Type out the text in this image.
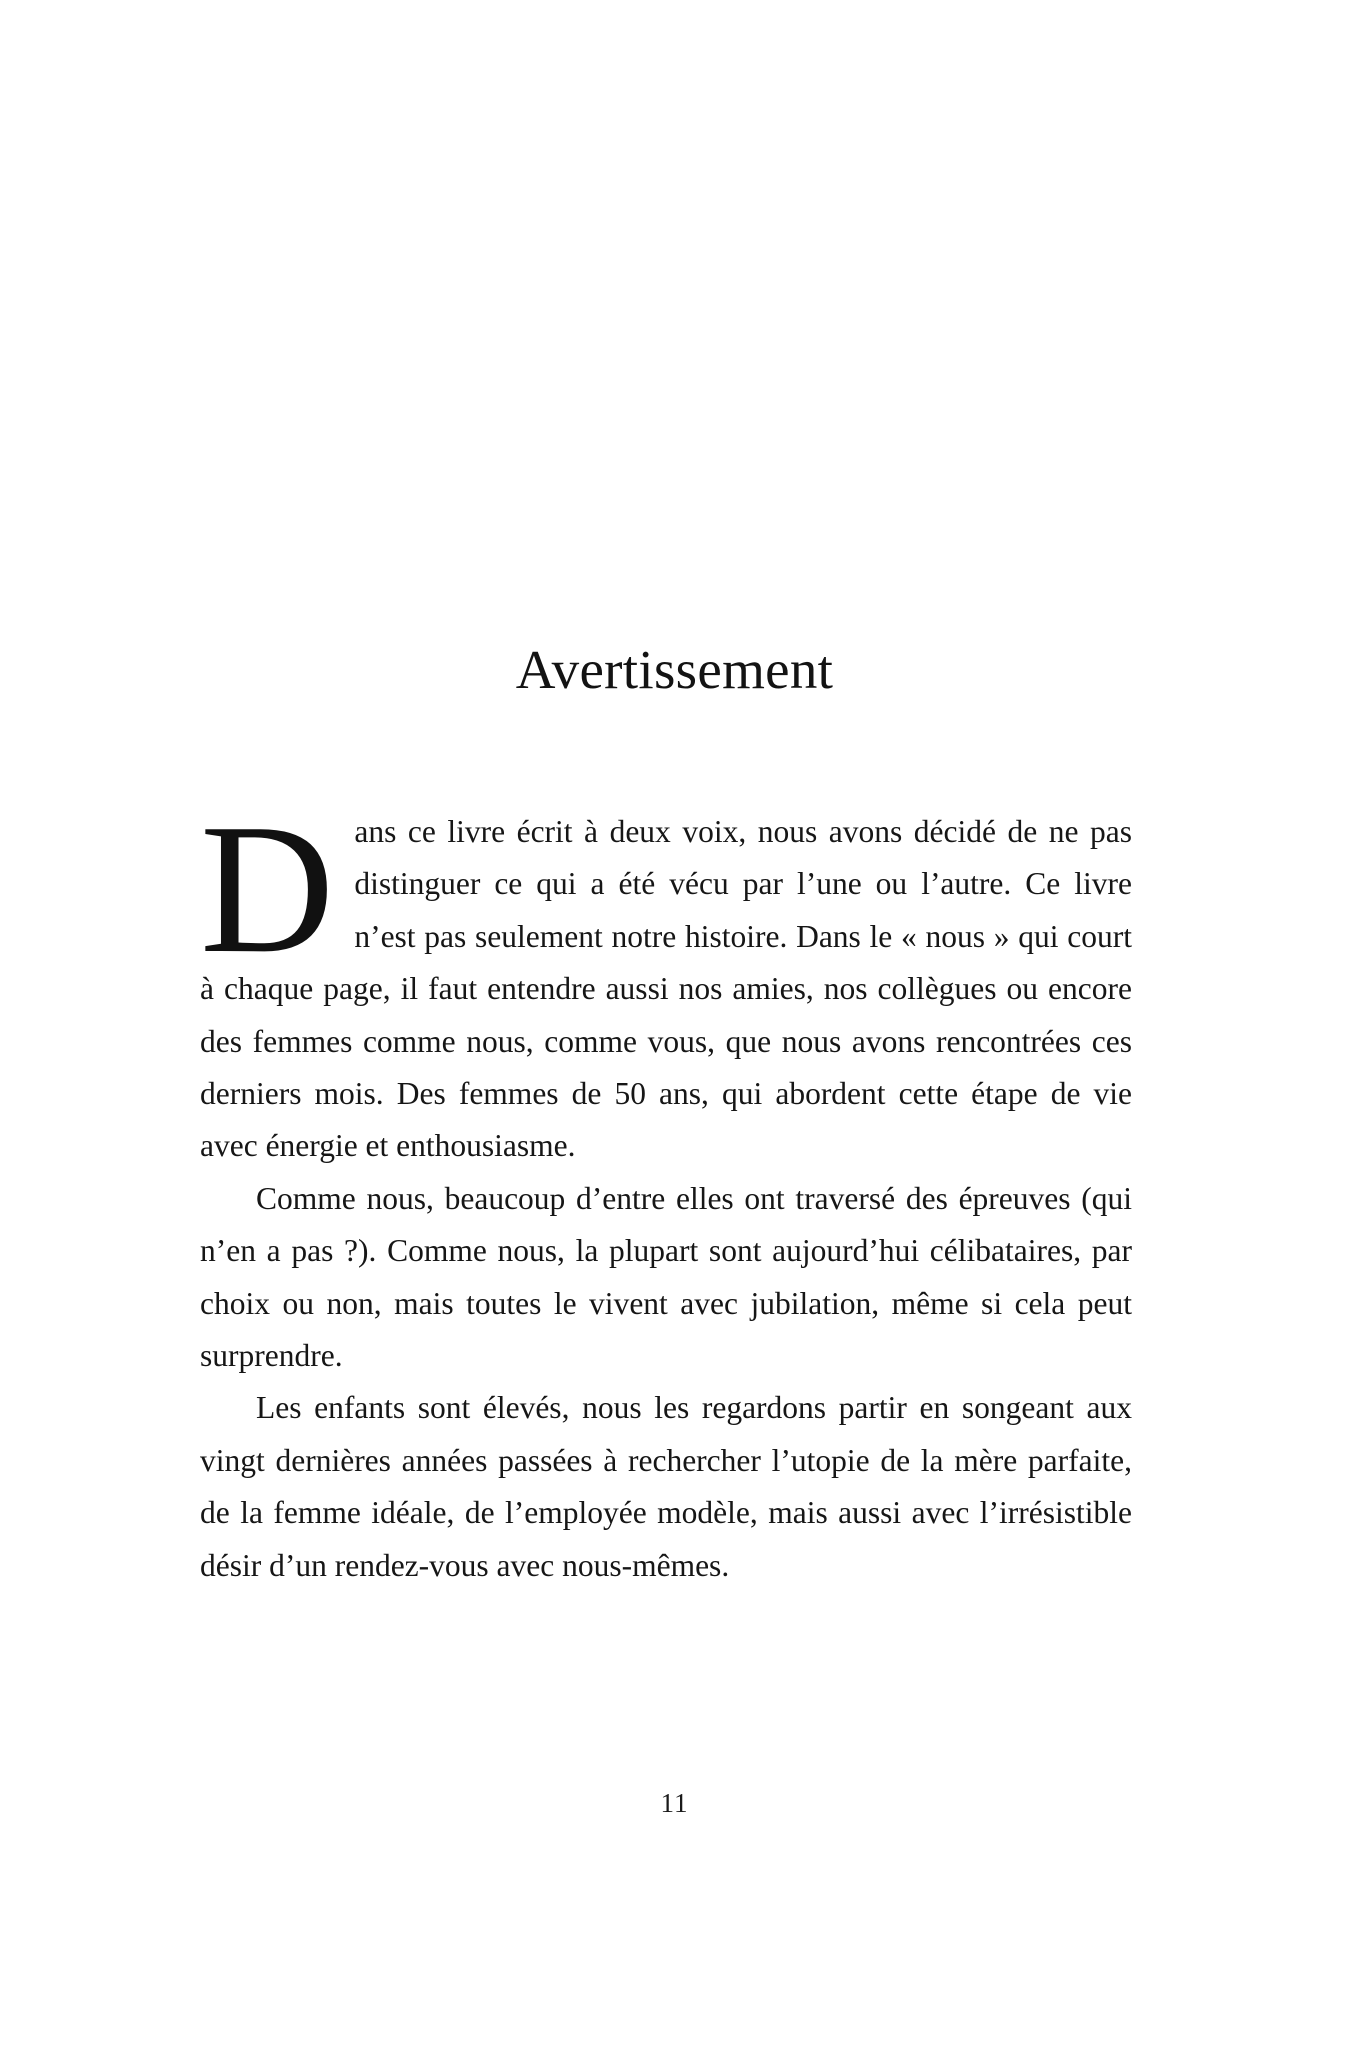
Avertissement

Dans ce livre écrit à deux voix, nous avons décidé de ne pas distinguer ce qui a été vécu par l’une ou l’autre. Ce livre n’est pas seulement notre histoire. Dans le « nous » qui court à chaque page, il faut entendre aussi nos amies, nos collègues ou encore des femmes comme nous, comme vous, que nous avons rencontrées ces derniers mois. Des femmes de 50 ans, qui abordent cette étape de vie avec énergie et enthousiasme.

Comme nous, beaucoup d’entre elles ont traversé des épreuves (qui n’en a pas ?). Comme nous, la plupart sont aujourd’hui célibataires, par choix ou non, mais toutes le vivent avec jubilation, même si cela peut surprendre.

Les enfants sont élevés, nous les regardons partir en songeant aux vingt dernières années passées à rechercher l’utopie de la mère parfaite, de la femme idéale, de l’employée modèle, mais aussi avec l’irrésistible désir d’un rendez-vous avec nous-mêmes.

11
